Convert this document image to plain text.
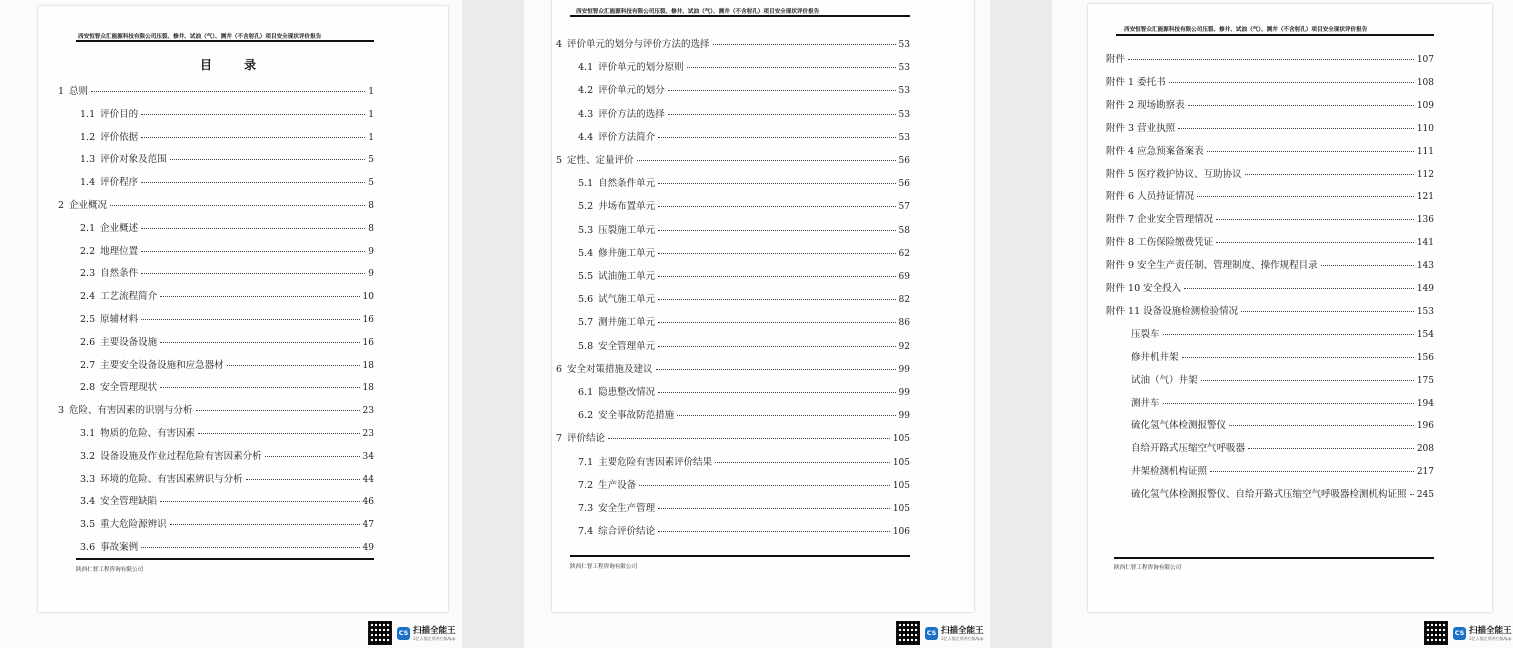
西安恒智众汇能源科技有限公司压裂、修井、试油（气）、测井（不含射孔）项目安全现状评价报告
目 录
1 总则	1
1.1 评价目的	1
1.2 评价依据	1
1.3 评价对象及范围	5
1.4 评价程序	5
2 企业概况	8
2.1 企业概述	8
2.2 地理位置	9
2.3 自然条件	9
2.4 工艺流程简介	10
2.5 原辅材料	16
2.6 主要设备设施	16
2.7 主要安全设备设施和应急器材	18
2.8 安全管理现状	18
3 危险、有害因素的识别与分析	23
3.1 物质的危险、有害因素	23
3.2 设备设施及作业过程危险有害因素分析	34
3.3 环境的危险、有害因素辨识与分析	44
3.4 安全管理缺陷	46
3.5 重大危险源辨识	47
3.6 事故案例	49
陕西仁智工程咨询有限公司
西安恒智众汇能源科技有限公司压裂、修井、试油（气）、测井（不含射孔）项目安全现状评价报告
4 评价单元的划分与评价方法的选择	53
4.1 评价单元的划分原则	53
4.2 评价单元的划分	53
4.3 评价方法的选择	53
4.4 评价方法简介	53
5 定性、定量评价	56
5.1 自然条件单元	56
5.2 井场布置单元	57
5.3 压裂施工单元	58
5.4 修井施工单元	62
5.5 试油施工单元	69
5.6 试气施工单元	82
5.7 测井施工单元	86
5.8 安全管理单元	92
6 安全对策措施及建议	99
6.1 隐患整改情况	99
6.2 安全事故防范措施	99
7 评价结论	105
7.1 主要危险有害因素评价结果	105
7.2 生产设备	105
7.3 安全生产管理	105
7.4 综合评价结论	106
陕西仁智工程咨询有限公司
西安恒智众汇能源科技有限公司压裂、修井、试油（气）、测井（不含射孔）项目安全现状评价报告
附件	107
附件 1 委托书	108
附件 2 现场勘察表	109
附件 3 营业执照	110
附件 4 应急预案备案表	111
附件 5 医疗救护协议、互助协议	112
附件 6 人员持证情况	121
附件 7 企业安全管理情况	136
附件 8 工伤保险缴费凭证	141
附件 9 安全生产责任制、管理制度、操作规程目录	143
附件 10 安全投入	149
附件 11 设备设施检测检验情况	153
压裂车	154
修井机井架	156
试油（气）井架	175
测井车	194
硫化氢气体检测报警仪	196
自给开路式压缩空气呼吸器	208
井架检测机构证照	217
硫化氢气体检测报警仪、自给开路式压缩空气呼吸器检测机构证照 245
陕西仁智工程咨询有限公司
CS 扫描全能王
3亿人都在用的扫描App
CS 扫描全能王
3亿人都在用的扫描App
CS 扫描全能王
3亿人都在用的扫描App
